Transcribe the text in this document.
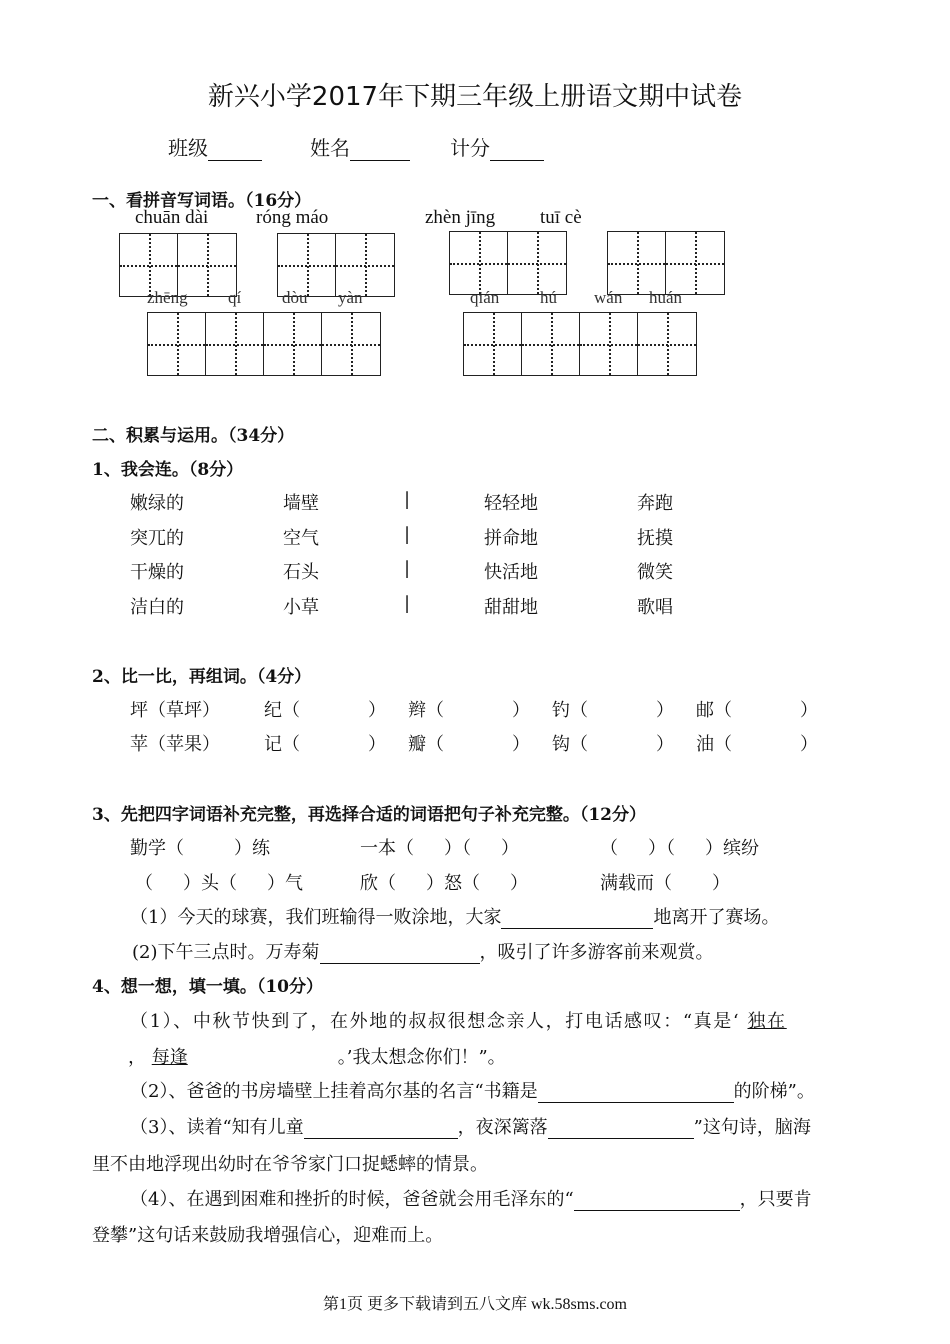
新兴小学2017年下期三年级上册语文期中试卷
班级	姓名	计分
一、看拼音写词语。（16分）
chuān dài	róng máo	zhèn jīng tuī cè
zhēng qí dòu yàn	qián hú wán huán
二、积累与运用。（34分）
1、我会连。（8分）
嫩绿的	墙壁	|	轻轻地	奔跑
突兀的	空气	|	拼命地	抚摸
干燥的	石头	|	快活地	微笑
洁白的	小草	|	甜甜地	歌唱
2、比一比，再组词。（4分）
坪（草坪） 纪（	） 辫（	） 钓（	） 邮（	）
苹（苹果） 记（	） 瓣（	） 钩（	） 油（	）
3、先把四字词语补充完整，再选择合适的词语把句子补充完整。（12分）
勤学（	）练	一本（ ）（ ）	（ ）（ ）缤纷
（ ）头（ ）气	欣（ ）怒（ ）	满载而（ ）
（1）今天的球赛，我们班输得一败涂地，大家	地离开了赛场。
(2)下午三点时。万寿菊	，吸引了许多游客前来观赏。
4、想一想，填一填。（10分）
（1）、中秋节快到了，在外地的叔叔很想念亲人，打电话感叹：“真是‘ 独在
， 每逢	。’我太想念你们！”。
（2）、爸爸的书房墙壁上挂着高尔基的名言“书籍是	的阶梯”。
（3）、读着“知有儿童	，夜深篱落	”这句诗，脑海
里不由地浮现出幼时在爷爷家门口捉蟋蟀的情景。
（4）、在遇到困难和挫折的时候，爸爸就会用毛泽东的“	，只要肯
登攀”这句话来鼓励我增强信心，迎难而上。
第1页 更多下载请到五八文库 wk.58sms.com
